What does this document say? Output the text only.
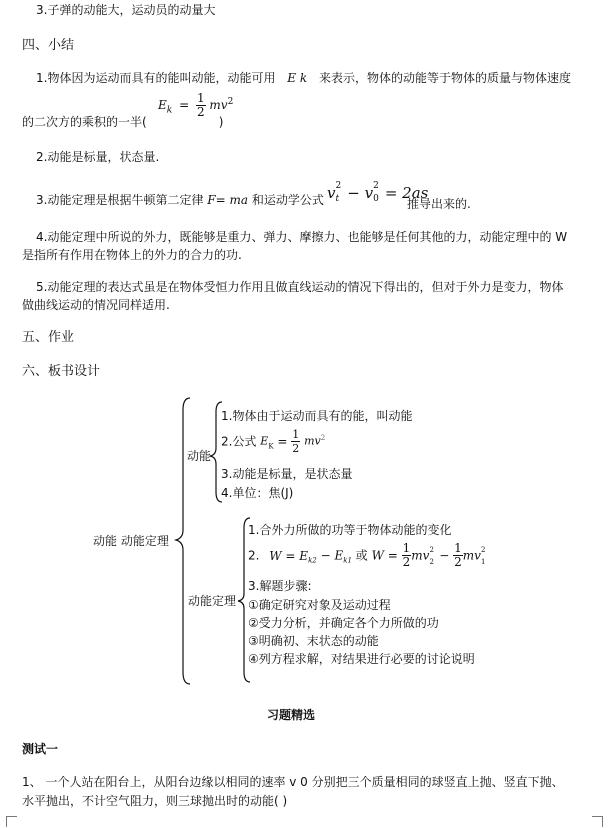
3.子弹的动能大，运动员的动量大
四、小结
1.物体因为运动而具有的能叫动能，动能可用 E k 来表示，物体的动能等于物体的质量与物体速度
$E_k = \frac{1}{2} mv^2$
的二次方的乘积的一半(	)
2.动能是标量，状态量.
3.动能定理是根据牛顿第二定律 F= ma 和运动学公式 v 2
t − v 2
0 = 2as
推导出来的.
4.动能定理中所说的外力，既能够是重力、弹力、摩擦力、也能够是任何其他的力，动能定理中的 W
是指所有作用在物体上的外力的合力的功.
5.动能定理的表达式虽是在物体受恒力作用且做直线运动的情况下得出的，但对于外力是变力，物体
做曲线运动的情况同样适用.
五、作业
六、板书设计
动能 动能定理
动能
1.物体由于运动而具有的能，叫动能
2.公式 $E_K = \frac{1}{2} mv^2$
3.动能是标量，是状态量
4.单位：焦(J)
动能定理
1.合外力所做的功等于物体动能的变化
2. $W = E_{k2} - E_{k1}$ 或 $W = \frac{1}{2}$ mv 2
$2 - \frac{1}{2}$ mv 2
1
3.解题步骤:
①确定研究对象及运动过程
②受力分析，并确定各个力所做的功
③明确初、末状态的动能
④列方程求解，对结果进行必要的讨论说明
习题精选
测试一
1、 一个人站在阳台上，从阳台边缘以相同的速率 v 0 分别把三个质量相同的球竖直上抛、竖直下抛、
水平抛出，不计空气阻力，则三球抛出时的动能( )
